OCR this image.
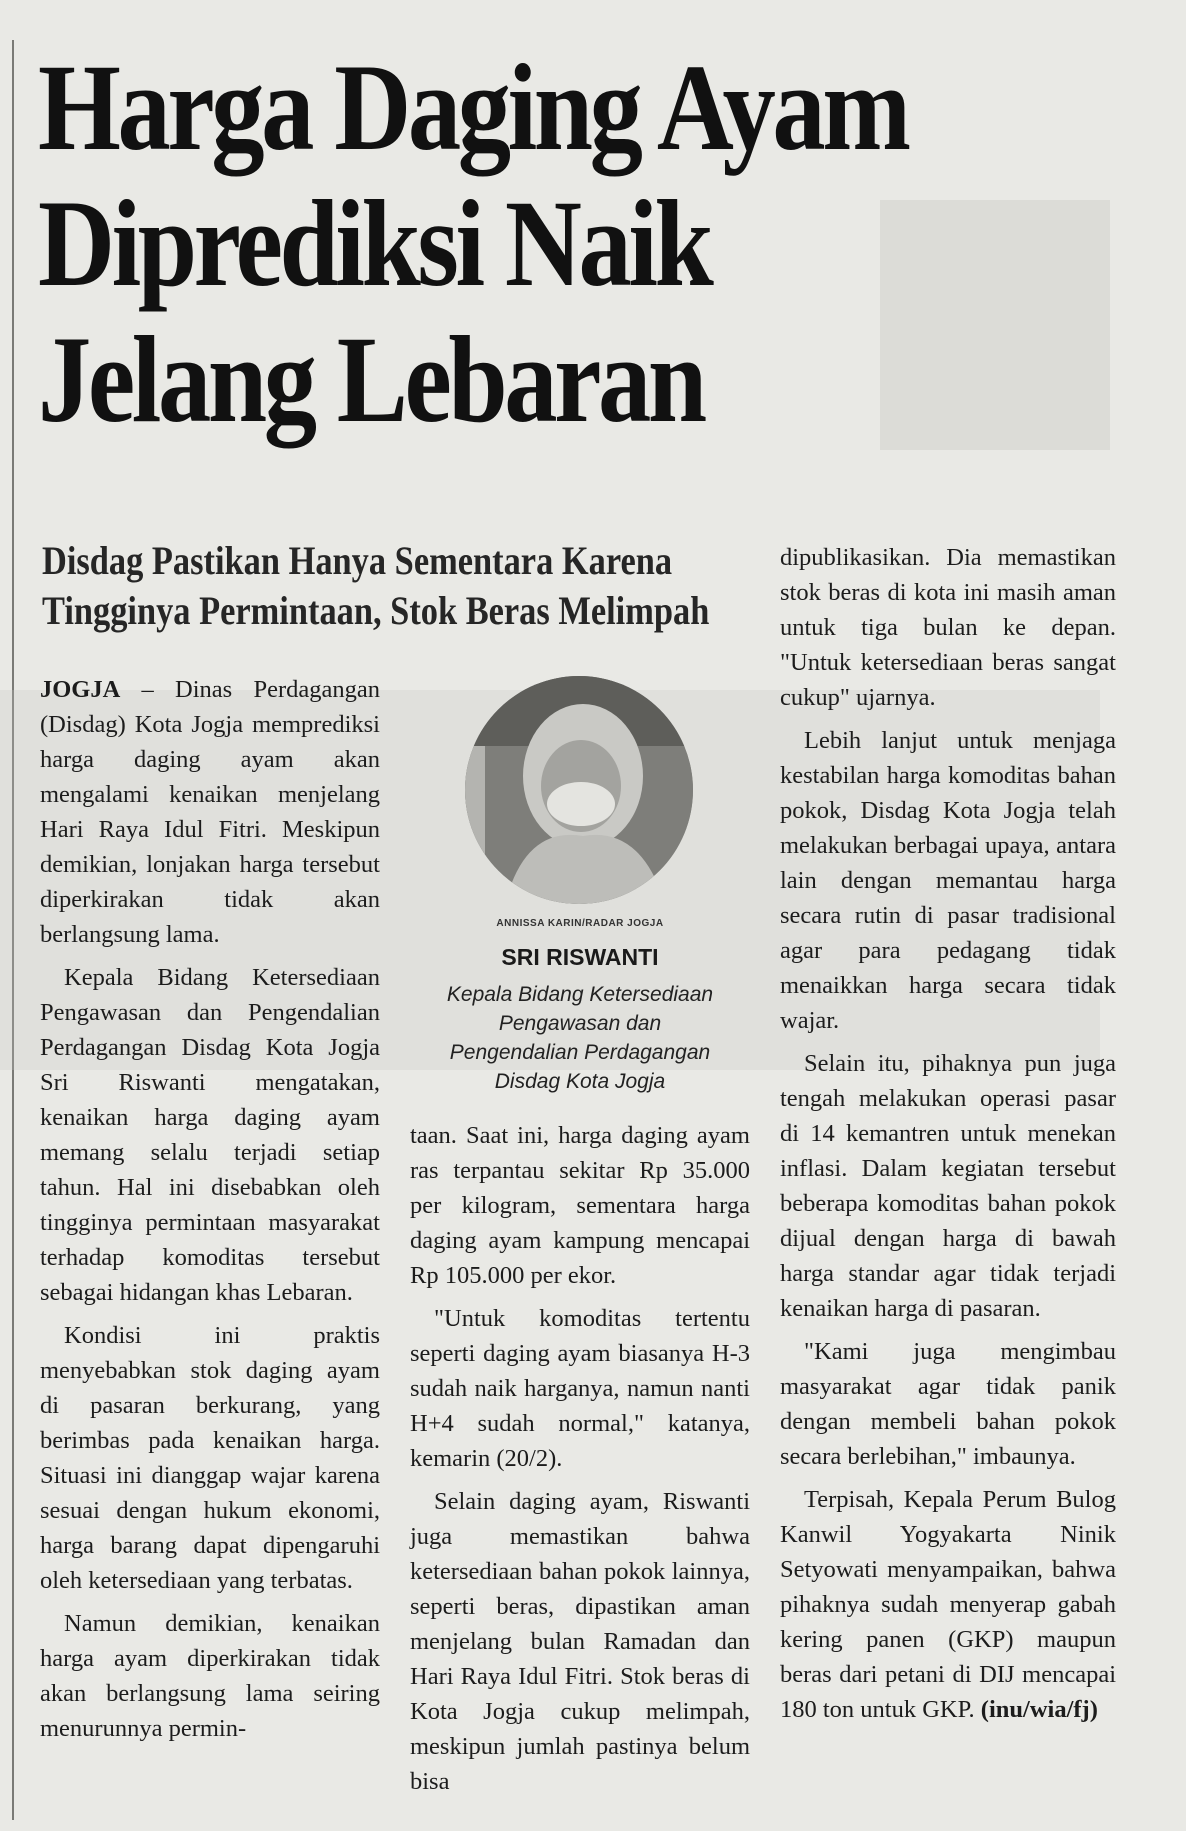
Harga Daging Ayam
Diprediksi Naik
Jelang Lebaran
Disdag Pastikan Hanya Sementara Karena
Tingginya Permintaan, Stok Beras Melimpah

JOGJA – Dinas Perdagangan (Disdag) Kota Jogja memprediksi harga daging ayam akan mengalami kenaikan menjelang Hari Raya Idul Fitri. Meskipun demikian, lonjakan harga tersebut diperkirakan tidak akan berlangsung lama.

Kepala Bidang Ketersediaan Pengawasan dan Pengendalian Perdagangan Disdag Kota Jogja Sri Riswanti mengatakan, kenaikan harga daging ayam memang selalu terjadi setiap tahun. Hal ini disebabkan oleh tingginya permintaan masyarakat terhadap komoditas tersebut sebagai hidangan khas Lebaran.

Kondisi ini praktis menyebabkan stok daging ayam di pasaran berkurang, yang berimbas pada kenaikan harga. Situasi ini dianggap wajar karena sesuai dengan hukum ekonomi, harga barang dapat dipengaruhi oleh ketersediaan yang terbatas.

Namun demikian, kenaikan harga ayam diperkirakan tidak akan berlangsung lama seiring menurunnya permin-

ANNISSA KARIN/RADAR JOGJA
SRI RISWANTI
Kepala Bidang Ketersediaan
Pengawasan dan
Pengendalian Perdagangan
Disdag Kota Jogja

taan. Saat ini, harga daging ayam ras terpantau sekitar Rp 35.000 per kilogram, sementara harga daging ayam kampung mencapai Rp 105.000 per ekor.

"Untuk komoditas tertentu seperti daging ayam biasanya H-3 sudah naik harganya, namun nanti H+4 sudah normal," katanya, kemarin (20/2).

Selain daging ayam, Riswanti juga memastikan bahwa ketersediaan bahan pokok lainnya, seperti beras, dipastikan aman menjelang bulan Ramadan dan Hari Raya Idul Fitri. Stok beras di Kota Jogja cukup melimpah, meskipun jumlah pastinya belum bisa

dipublikasikan. Dia memastikan stok beras di kota ini masih aman untuk tiga bulan ke depan. "Untuk ketersediaan beras sangat cukup" ujarnya.

Lebih lanjut untuk menjaga kestabilan harga komoditas bahan pokok, Disdag Kota Jogja telah melakukan berbagai upaya, antara lain dengan memantau harga secara rutin di pasar tradisional agar para pedagang tidak menaikkan harga secara tidak wajar.

Selain itu, pihaknya pun juga tengah melakukan operasi pasar di 14 kemantren untuk menekan inflasi. Dalam kegiatan tersebut beberapa komoditas bahan pokok dijual dengan harga di bawah harga standar agar tidak terjadi kenaikan harga di pasaran.

"Kami juga mengimbau masyarakat agar tidak panik dengan membeli bahan pokok secara berlebihan," imbaunya.

Terpisah, Kepala Perum Bulog Kanwil Yogyakarta Ninik Setyowati menyampaikan, bahwa pihaknya sudah menyerap gabah kering panen (GKP) maupun beras dari petani di DIJ mencapai 180 ton untuk GKP. (inu/wia/fj)
